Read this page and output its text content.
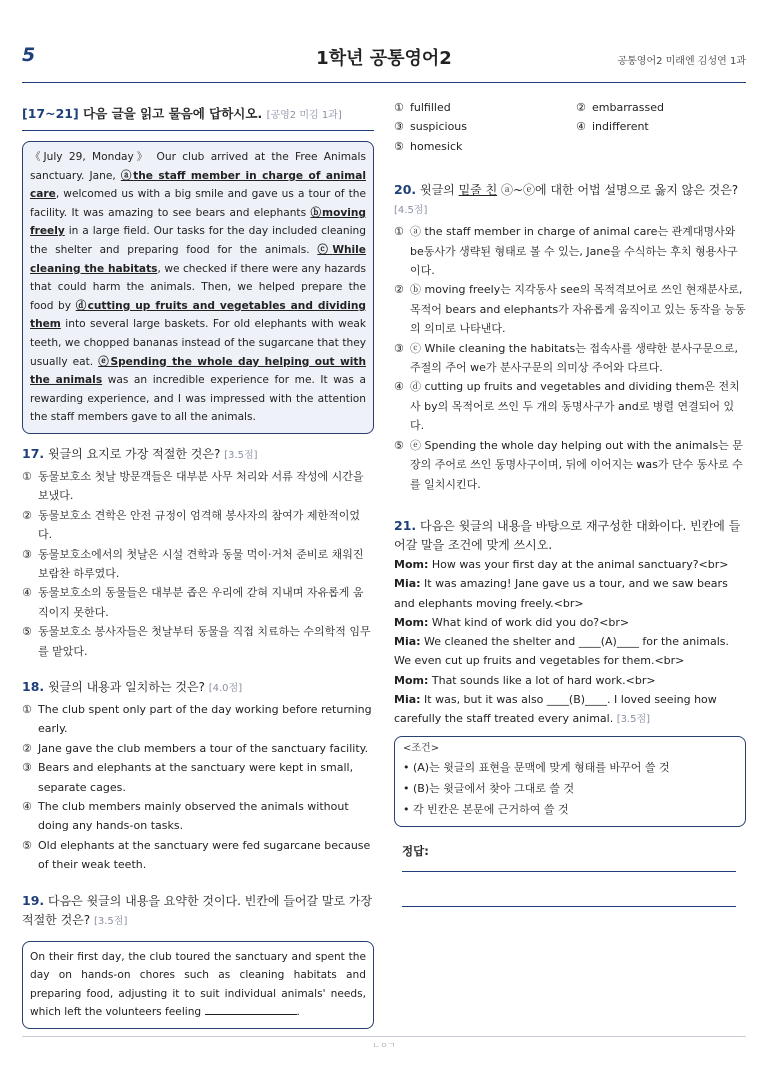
5	1학년 공통영어2	공통영어2 미래엔 김성연 1과
[17~21] 다음 글을 읽고 물음에 답하시오. [공영2 미김 1과]
《July 29, Monday》 Our club arrived at the Free Animals sanctuary. Jane, ⓐthe staff member in charge of animal care, welcomed us with a big smile and gave us a tour of the facility. It was amazing to see bears and elephants ⓑmoving freely in a large field. Our tasks for the day included cleaning the shelter and preparing food for the animals. ⓒWhile cleaning the habitats, we checked if there were any hazards that could harm the animals. Then, we helped prepare the food by ⓓcutting up fruits and vegetables and dividing them into several large baskets. For old elephants with weak teeth, we chopped bananas instead of the sugarcane that they usually eat. ⓔSpending the whole day helping out with the animals was an incredible experience for me. It was a rewarding experience, and I was impressed with the attention the staff members gave to all the animals.
17. 윗글의 요지로 가장 적절한 것은? [3.5점]
① 동물보호소 첫날 방문객들은 대부분 사무 처리와 서류 작성에 시간을 보냈다.
② 동물보호소 견학은 안전 규정이 엄격해 봉사자의 참여가 제한적이었다.
③ 동물보호소에서의 첫날은 시설 견학과 동물 먹이·거처 준비로 채워진 보람찬 하루였다.
④ 동물보호소의 동물들은 대부분 좁은 우리에 갇혀 지내며 자유롭게 움직이지 못한다.
⑤ 동물보호소 봉사자들은 첫날부터 동물을 직접 치료하는 수의학적 임무를 맡았다.
18. 윗글의 내용과 일치하는 것은? [4.0점]
① The club spent only part of the day working before returning early.
② Jane gave the club members a tour of the sanctuary facility.
③ Bears and elephants at the sanctuary were kept in small, separate cages.
④ The club members mainly observed the animals without doing any hands-on tasks.
⑤ Old elephants at the sanctuary were fed sugarcane because of their weak teeth.
19. 다음은 윗글의 내용을 요약한 것이다. 빈칸에 들어갈 말로 가장 적절한 것은? [3.5점]
On their first day, the club toured the sanctuary and spent the day on hands-on chores such as cleaning habitats and preparing food, adjusting it to suit individual animals' needs, which left the volunteers feeling	.
① fulfilled	② embarrassed
③ suspicious	④ indifferent
⑤ homesick
20. 윗글의 밑줄 친 ⓐ~ⓔ에 대한 어법 설명으로 옳지 않은 것은? [4.5점]
① ⓐ the staff member in charge of animal care는 관계대명사와 be동사가 생략된 형태로 볼 수 있는, Jane을 수식하는 후치 형용사구이다.
② ⓑ moving freely는 지각동사 see의 목적격보어로 쓰인 현재분사로, 목적어 bears and elephants가 자유롭게 움직이고 있는 동작을 능동의 의미로 나타낸다.
③ ⓒ While cleaning the habitats는 접속사를 생략한 분사구문으로, 주절의 주어 we가 분사구문의 의미상 주어와 다르다.
④ ⓓ cutting up fruits and vegetables and dividing them은 전치사 by의 목적어로 쓰인 두 개의 동명사구가 and로 병렬 연결되어 있다.
⑤ ⓔ Spending the whole day helping out with the animals는 문장의 주어로 쓰인 동명사구이며, 뒤에 이어지는 was가 단수 동사로 수를 일치시킨다.
21. 다음은 윗글의 내용을 바탕으로 재구성한 대화이다. 빈칸에 들어갈 말을 조건에 맞게 쓰시오.
Mom: How was your first day at the animal sanctuary?<br>
Mia: It was amazing! Jane gave us a tour, and we saw bears and elephants moving freely.<br>
Mom: What kind of work did you do?<br>
Mia: We cleaned the shelter and ____(A)____ for the animals. We even cut up fruits and vegetables for them.<br>
Mom: That sounds like a lot of hard work.<br>
Mia: It was, but it was also ____(B)____. I loved seeing how carefully the staff treated every animal. [3.5점]
<조건>
• (A)는 윗글의 표현을 문맥에 맞게 형태를 바꾸어 쓸 것
• (B)는 윗글에서 찾아 그대로 쓸 것
• 각 빈칸은 본문에 근거하여 쓸 것
정답:
ㄴㅇㄱ
